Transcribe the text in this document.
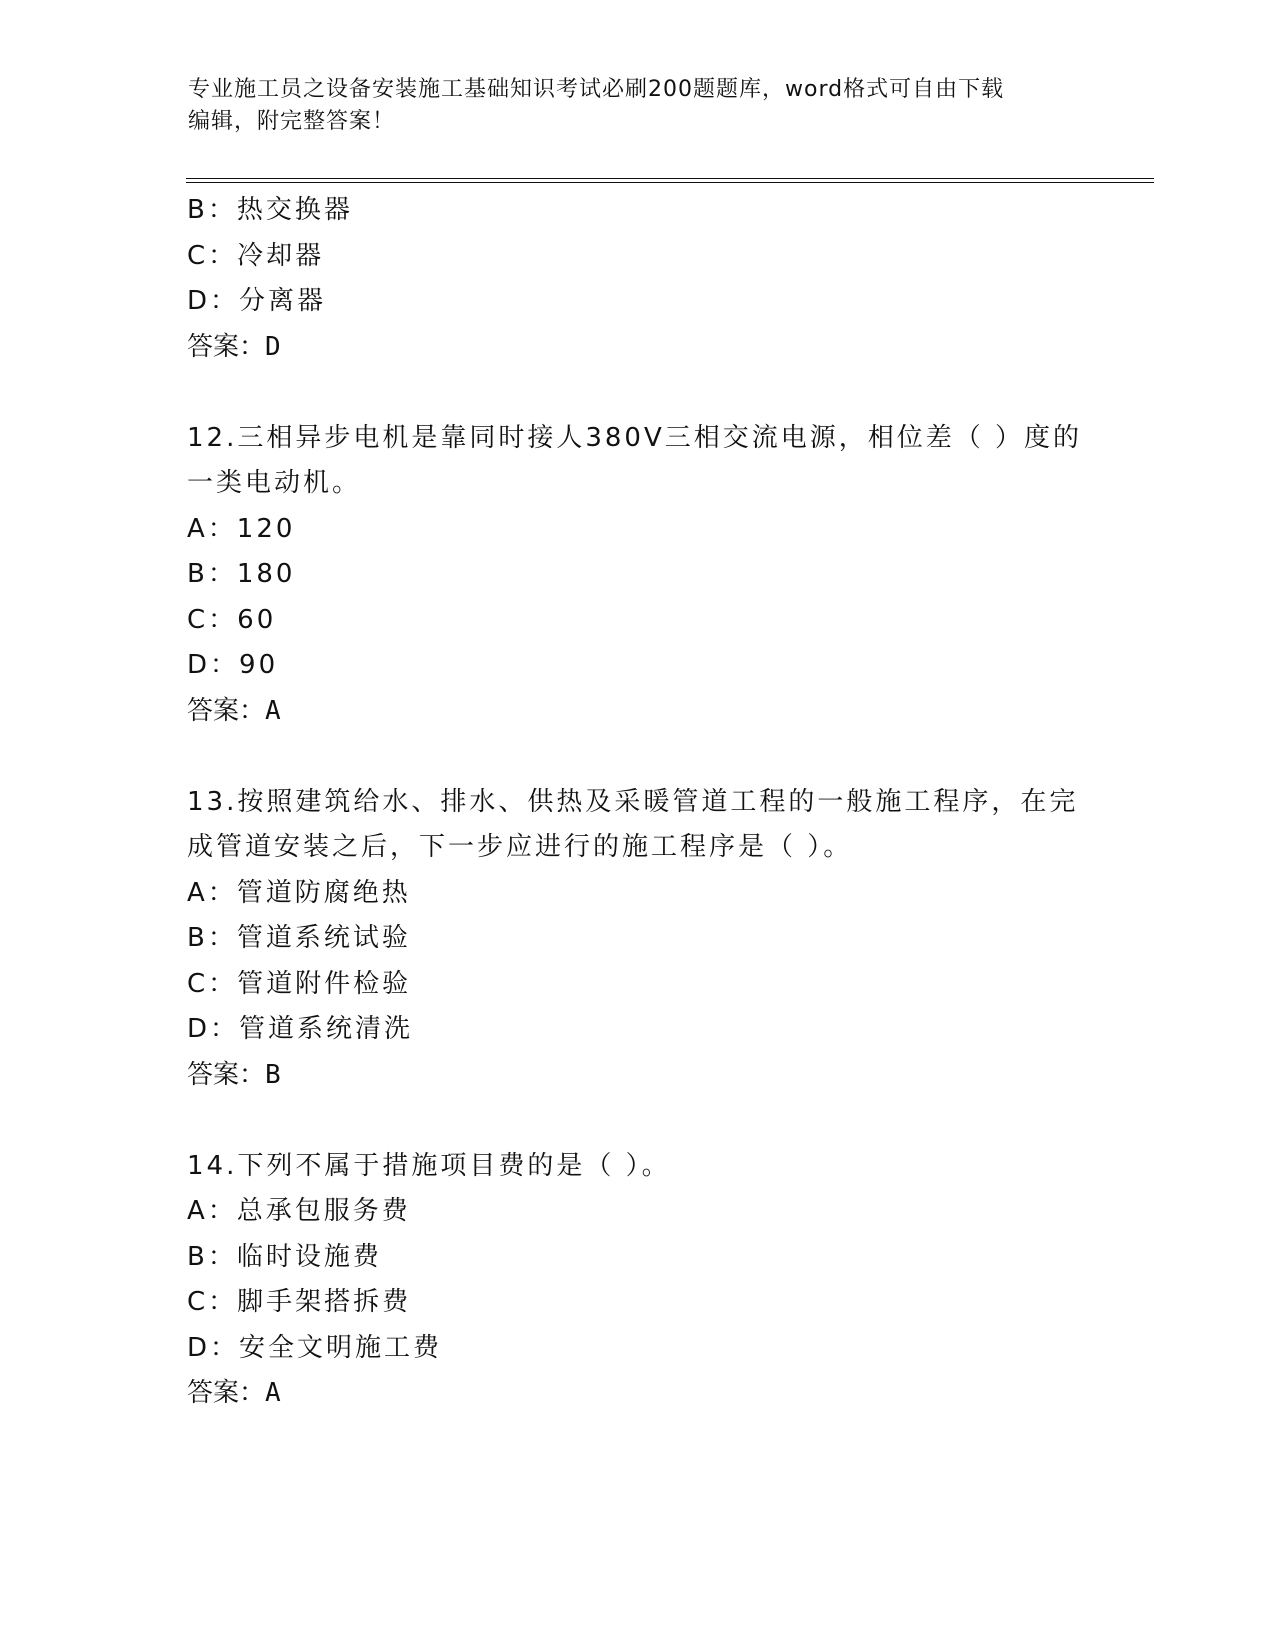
专业施工员之设备安装施工基础知识考试必刷200题题库，word格式可自由下载
编辑，附完整答案！
B：热交换器
C：冷却器
D：分离器
答案：D
12.三相异步电机是靠同时接人380V三相交流电源，相位差（ ）度的
一类电动机。
A：120
B：180
C：60
D：90
答案：A
13.按照建筑给水、排水、供热及采暖管道工程的一般施工程序，在完
成管道安装之后，下一步应进行的施工程序是（ ）。
A：管道防腐绝热
B：管道系统试验
C：管道附件检验
D：管道系统清洗
答案：B
14.下列不属于措施项目费的是（ ）。
A：总承包服务费
B：临时设施费
C：脚手架搭拆费
D：安全文明施工费
答案：A
